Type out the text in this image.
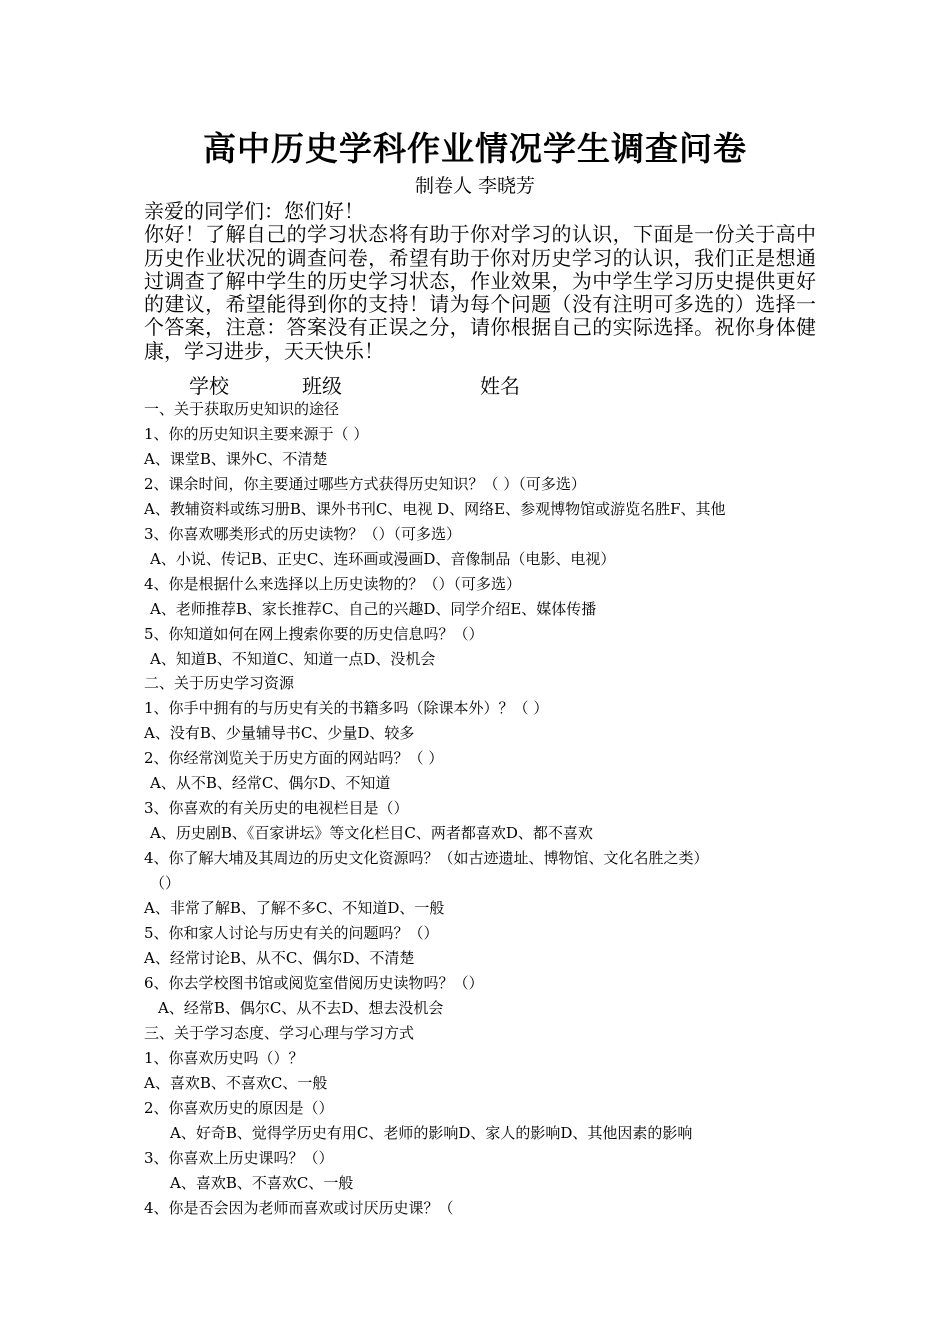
高中历史学科作业情况学生调查问卷
制卷人 李晓芳

亲爱的同学们：您们好！

你好！了解自己的学习状态将有助于你对学习的认识，下面是一份关于高中历史作业状况的调查问卷，希望有助于你对历史学习的认识，我们正是想通过调查了解中学生的历史学习状态，作业效果，为中学生学习历史提供更好的建议，希望能得到你的支持！请为每个问题（没有注明可多选的）选择一个答案，注意：答案没有正误之分，请你根据自己的实际选择。祝你身体健康，学习进步，天天快乐！

学校	班级	姓名

一、关于获取历史知识的途径

1、你的历史知识主要来源于（ ）

A、课堂B、课外C、不清楚

2、课余时间，你主要通过哪些方式获得历史知识？（ ）（可多选）

A、教辅资料或练习册B、课外书刊C、电视 D、网络E、参观博物馆或游览名胜F、其他

3、你喜欢哪类形式的历史读物？（）（可多选）

A、小说、传记B、正史C、连环画或漫画D、音像制品（电影、电视）

4、你是根据什么来选择以上历史读物的？（）（可多选）

A、老师推荐B、家长推荐C、自己的兴趣D、同学介绍E、媒体传播

5、你知道如何在网上搜索你要的历史信息吗？（）

A、知道B、不知道C、知道一点D、没机会

二、关于历史学习资源

1、你手中拥有的与历史有关的书籍多吗（除课本外）？（ ）

A、没有B、少量辅导书C、少量D、较多

2、你经常浏览关于历史方面的网站吗？（ ）

A、从不B、经常C、偶尔D、不知道

3、你喜欢的有关历史的电视栏目是（）

A、历史剧B、《百家讲坛》等文化栏目C、两者都喜欢D、都不喜欢

4、你了解大埔及其周边的历史文化资源吗？（如古迹遗址、博物馆、文化名胜之类）

（）

A、非常了解B、了解不多C、不知道D、一般

5、你和家人讨论与历史有关的问题吗？（）

A、经常讨论B、从不C、偶尔D、不清楚

6、你去学校图书馆或阅览室借阅历史读物吗？（）

A、经常B、偶尔C、从不去D、想去没机会

三、关于学习态度、学习心理与学习方式

1、你喜欢历史吗（）？

A、喜欢B、不喜欢C、一般

2、你喜欢历史的原因是（）

A、好奇B、觉得学历史有用C、老师的影响D、家人的影响D、其他因素的影响

3、你喜欢上历史课吗？（）

A、喜欢B、不喜欢C、一般

4、你是否会因为老师而喜欢或讨厌历史课？（
